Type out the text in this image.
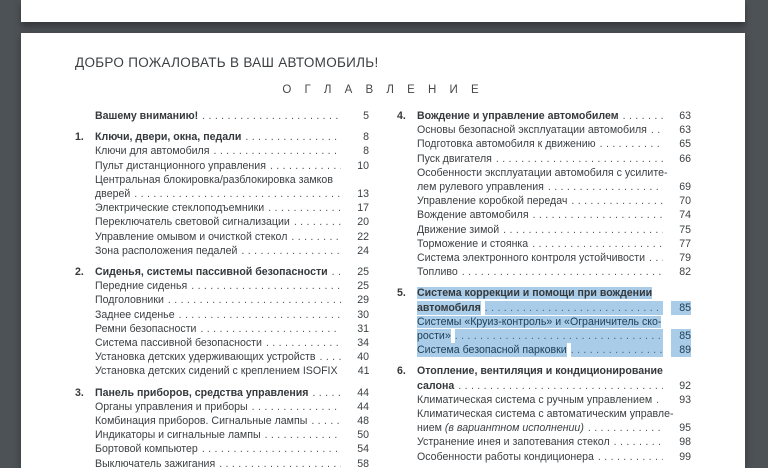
ДОБРО ПОЖАЛОВАТЬ В ВАШ АВТОМОБИЛЬ!
О Г Л А В Л Е Н И Е
Вашему вниманию! .....	5
1. Ключи, двери, окна, педали .....	8
Ключи для автомобиля .....	8
Пульт дистанционного управления .....	10
Центральная блокировка/разблокировка замков
дверей .....	13
Электрические стеклоподъемники .....	17
Переключатель световой сигнализации .....	20
Управление омывом и очисткой стекол .....	22
Зона расположения педалей .....	24
2. Сиденья, системы пассивной безопасности .....	25
Передние сиденья .....	25
Подголовники .....	29
Заднее сиденье .....	30
Ремни безопасности .....	31
Система пассивной безопасности .....	34
Установка детских удерживающих устройств .....	40
Установка детских сидений с креплением ISOFIX	41
3. Панель приборов, средства управления .....	44
Органы управления и приборы .....	44
Комбинация приборов. Сигнальные лампы .....	48
Индикаторы и сигнальные лампы .....	50
Бортовой компьютер .....	54
Выключатель зажигания .....	58
4. Вождение и управление автомобилем .....	63
Основы безопасной эксплуатации автомобиля .....	63
Подготовка автомобиля к движению .....	65
Пуск двигателя .....	66
Особенности эксплуатации автомобиля с усилите-
лем рулевого управления .....	69
Управление коробкой передач .....	70
Вождение автомобиля .....	74
Движение зимой .....	75
Торможение и стоянка .....	77
Система электронного контроля устойчивости .....	79
Топливо .....	82
5. Система коррекции и помощи при вождении
автомобиля .....	85
Системы «Круиз-контроль» и «Ограничитель ско-
рости» .....	85
Система безопасной парковки .....	89
6. Отопление, вентиляция и кондиционирование
салона .....	92
Климатическая система с ручным управлением .....	93
Климатическая система с автоматическим управле-
нием (в вариантном исполнении) .....	95
Устранение инея и запотевания стекол .....	98
Особенности работы кондиционера .....	99
